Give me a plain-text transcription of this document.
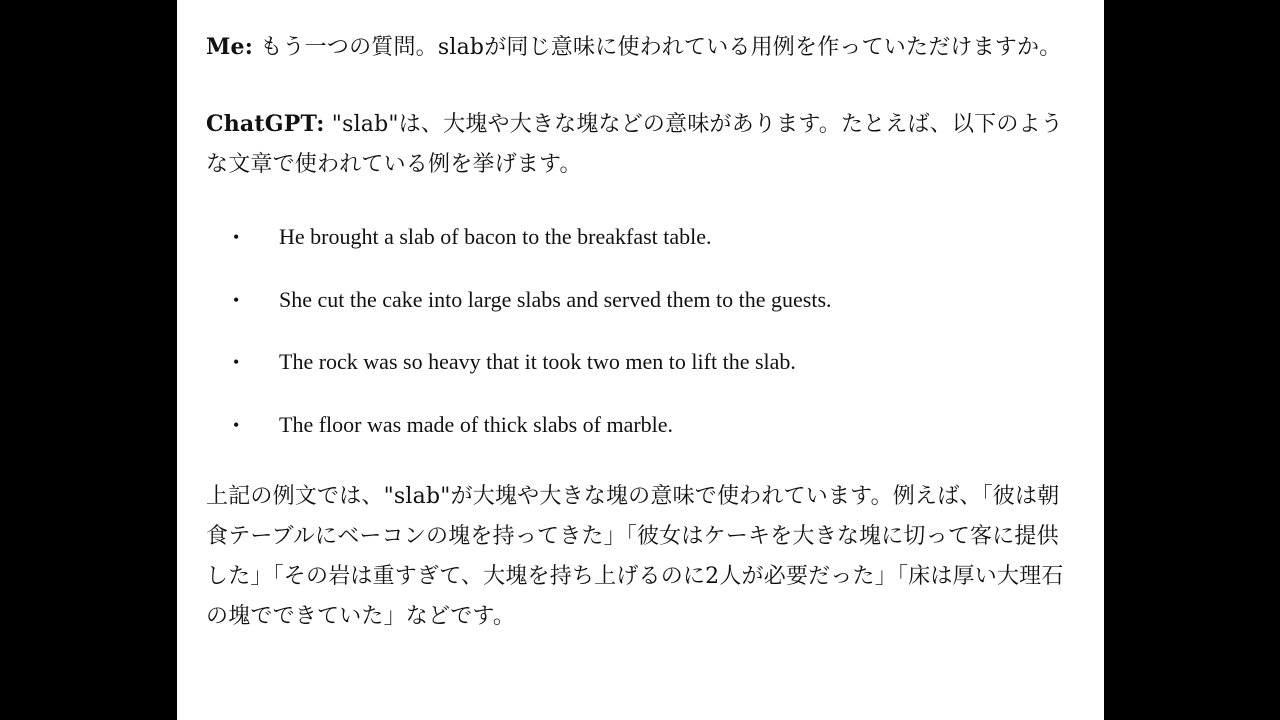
Me: もう一つの質問。slabが同じ意味に使われている用例を作っていただけますか。

ChatGPT: "slab"は、大塊や大きな塊などの意味があります。たとえば、以下のような文章で使われている例を挙げます。

• He brought a slab of bacon to the breakfast table.
• She cut the cake into large slabs and served them to the guests.
• The rock was so heavy that it took two men to lift the slab.
• The floor was made of thick slabs of marble.

上記の例文では、"slab"が大塊や大きな塊の意味で使われています。例えば、「彼は朝食テーブルにベーコンの塊を持ってきた」「彼女はケーキを大きな塊に切って客に提供した」「その岩は重すぎて、大塊を持ち上げるのに2人が必要だった」「床は厚い大理石の塊でできていた」などです。
